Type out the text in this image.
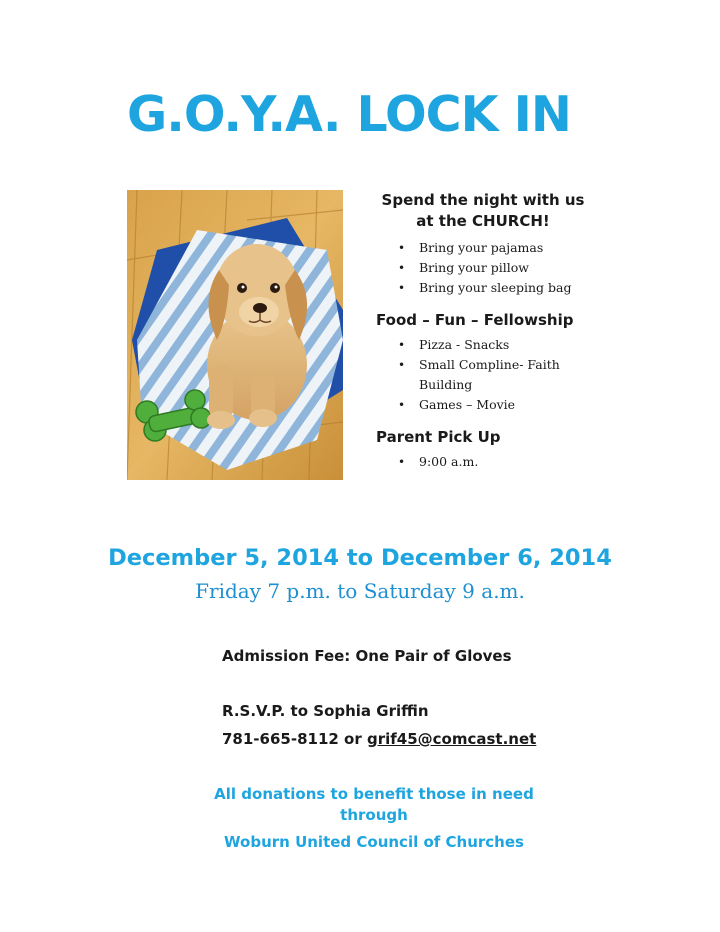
G.O.Y.A. LOCK IN

Spend the night with us at the CHURCH!

• Bring your pajamas
• Bring your pillow
• Bring your sleeping bag

Food – Fun – Fellowship

• Pizza - Snacks
• Small Compline- Faith Building
• Games – Movie

Parent Pick Up

• 9:00 a.m.

December 5, 2014 to December 6, 2014

Friday 7 p.m. to Saturday 9 a.m.

Admission Fee: One Pair of Gloves

R.S.V.P. to Sophia Griffin

781-665-8112 or grif45@comcast.net

All donations to benefit those in need

through

Woburn United Council of Churches
